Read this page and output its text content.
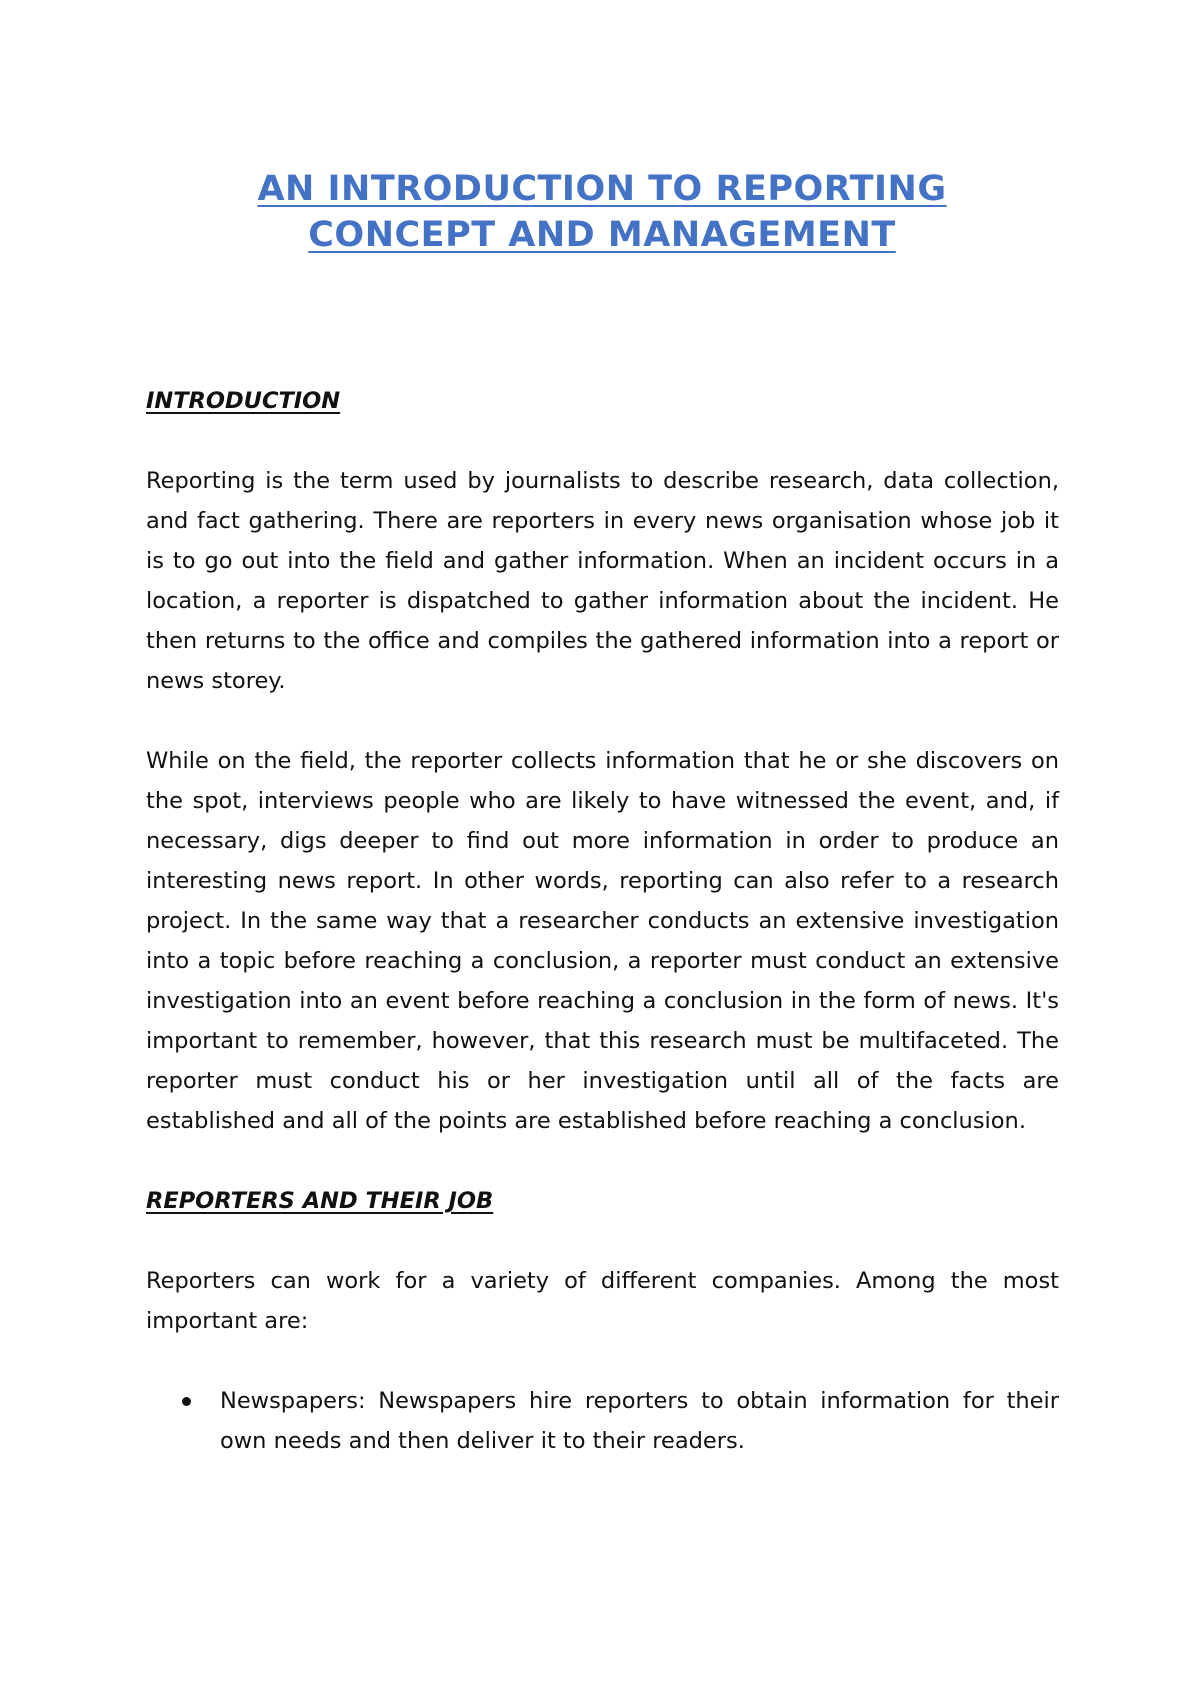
AN INTRODUCTION TO REPORTING
CONCEPT AND MANAGEMENT

INTRODUCTION

Reporting is the term used by journalists to describe research, data collection, and fact gathering. There are reporters in every news organisation whose job it is to go out into the field and gather information. When an incident occurs in a location, a reporter is dispatched to gather information about the incident. He then returns to the office and compiles the gathered information into a report or news storey.

While on the field, the reporter collects information that he or she discovers on the spot, interviews people who are likely to have witnessed the event, and, if necessary, digs deeper to find out more information in order to produce an interesting news report. In other words, reporting can also refer to a research project. In the same way that a researcher conducts an extensive investigation into a topic before reaching a conclusion, a reporter must conduct an extensive investigation into an event before reaching a conclusion in the form of news. It's important to remember, however, that this research must be multifaceted. The reporter must conduct his or her investigation until all of the facts are established and all of the points are established before reaching a conclusion.

REPORTERS AND THEIR JOB

Reporters can work for a variety of different companies. Among the most important are:

Newspapers: Newspapers hire reporters to obtain information for their own needs and then deliver it to their readers.
